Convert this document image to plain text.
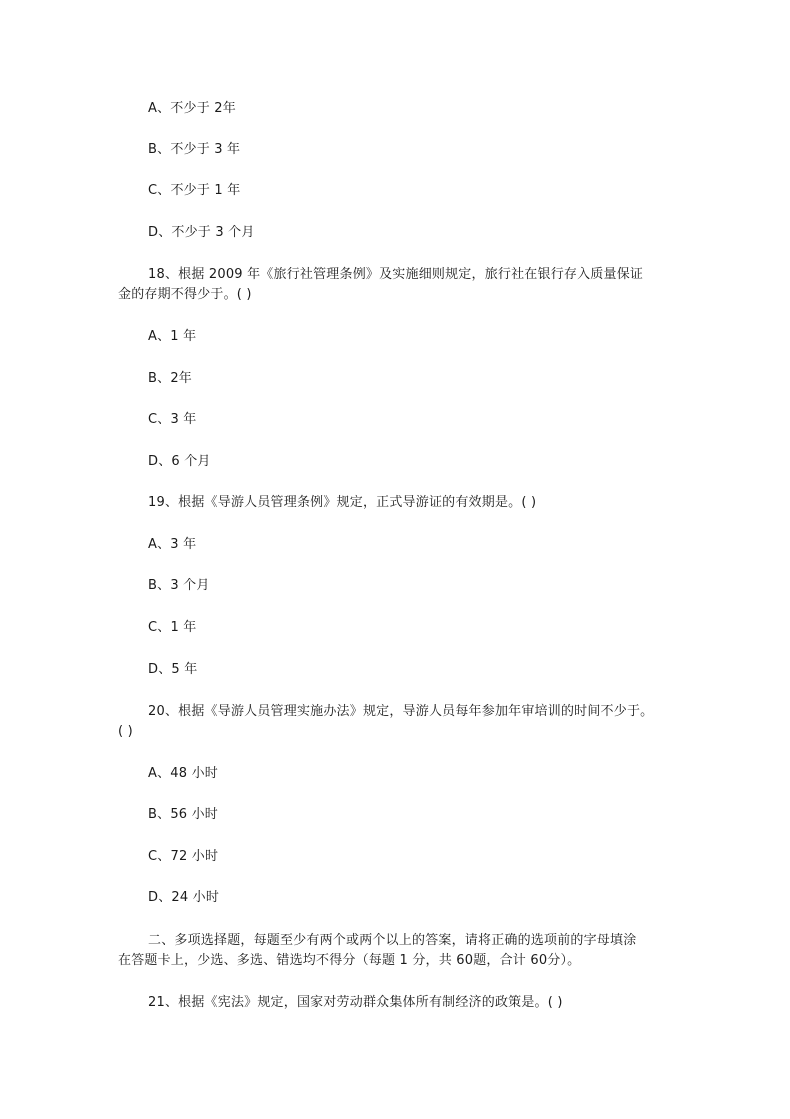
A、不少于 2年
B、不少于 3 年
C、不少于 1 年
D、不少于 3 个月
18、根据 2009 年《旅行社管理条例》及实施细则规定，旅行社在银行存入质量保证
金的存期不得少于。( )
A、1 年
B、2年
C、3 年
D、6 个月
19、根据《导游人员管理条例》规定，正式导游证的有效期是。( )
A、3 年
B、3 个月
C、1 年
D、5 年
20、根据《导游人员管理实施办法》规定，导游人员每年参加年审培训的时间不少于。
( )
A、48 小时
B、56 小时
C、72 小时
D、24 小时
二、多项选择题，每题至少有两个或两个以上的答案，请将正确的选项前的字母填涂
在答题卡上，少选、多选、错选均不得分（每题 1 分，共 60题，合计 60分）。
21、根据《宪法》规定，国家对劳动群众集体所有制经济的政策是。( )
